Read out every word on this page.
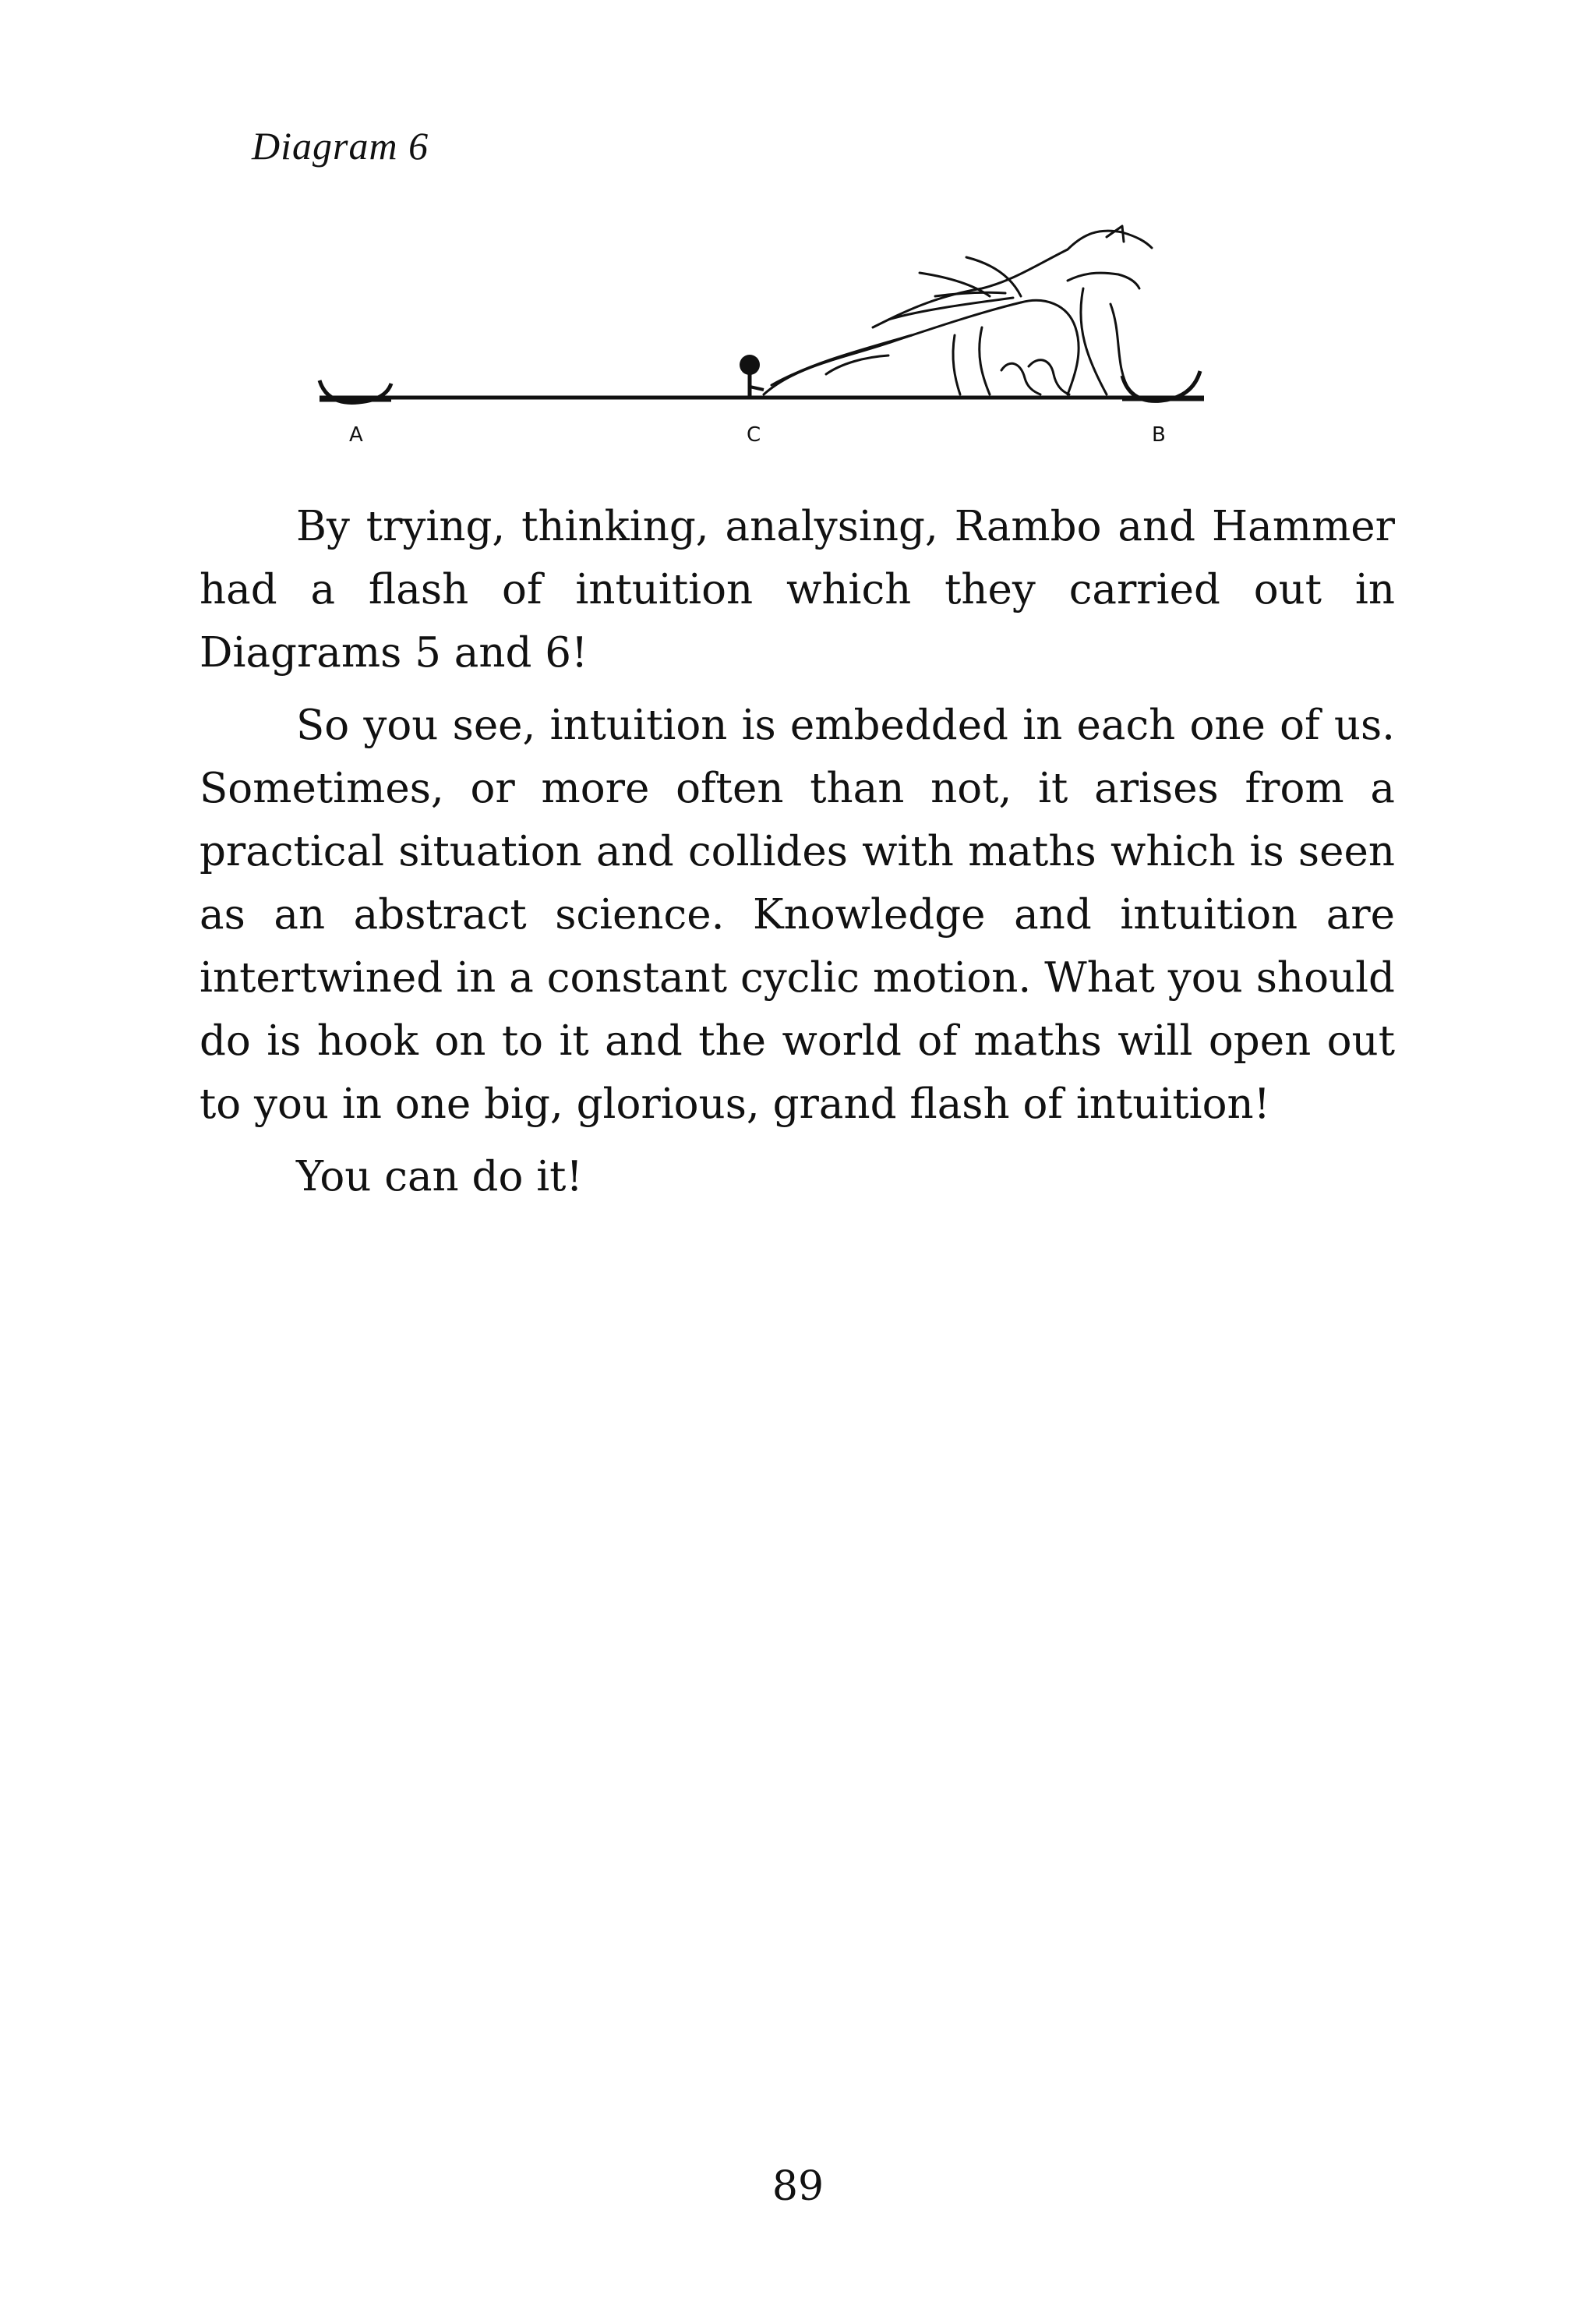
Diagram 6
A	C	B

By trying, thinking, analysing, Rambo and Hammer had a flash of intuition which they carried out in Diagrams 5 and 6!

So you see, intuition is embedded in each one of us. Sometimes, or more often than not, it arises from a practical situation and collides with maths which is seen as an abstract science. Knowledge and intuition are intertwined in a constant cyclic motion. What you should do is hook on to it and the world of maths will open out to you in one big, glorious, grand flash of intuition!

You can do it!

89
